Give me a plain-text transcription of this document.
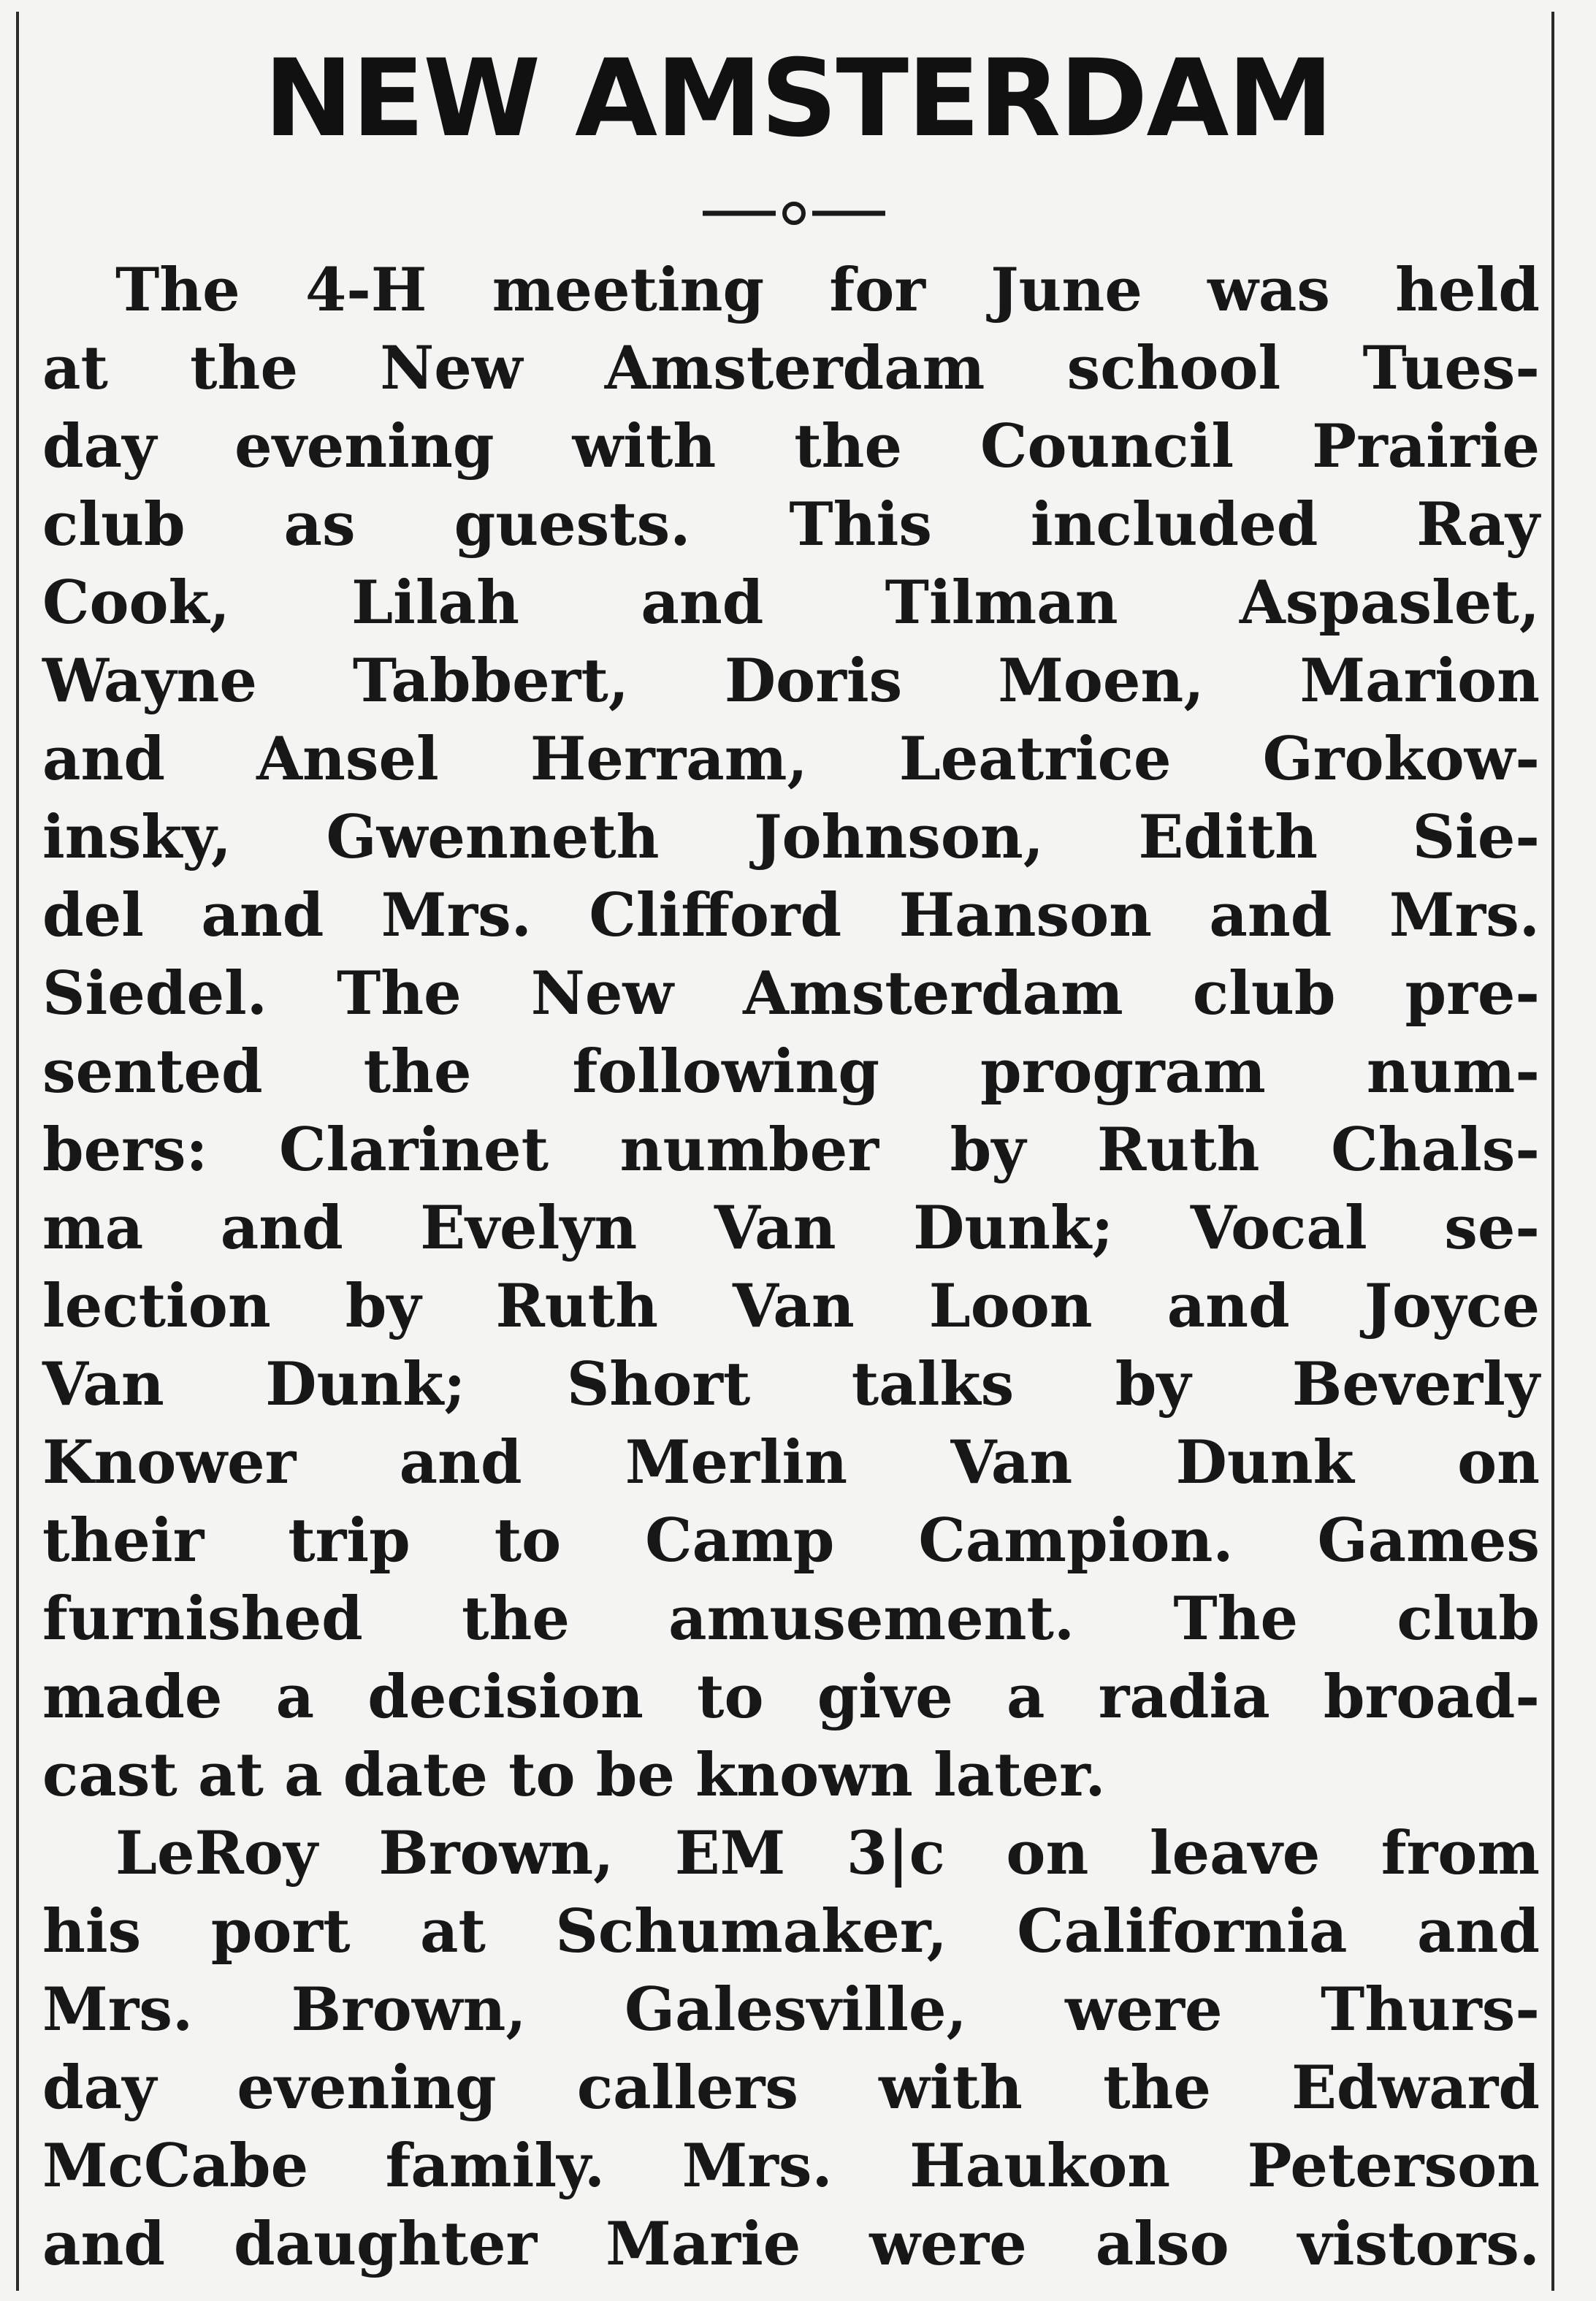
NEW AMSTERDAM
The 4-H meeting for June was held
at the New Amsterdam school Tues-
day evening with the Council Prairie
club as guests. This included Ray
Cook, Lilah and Tilman Aspaslet,
Wayne Tabbert, Doris Moen, Marion
and Ansel Herram, Leatrice Grokow-
insky, Gwenneth Johnson, Edith Sie-
del and Mrs. Clifford Hanson and Mrs.
Siedel. The New Amsterdam club pre-
sented the following program num-
bers: Clarinet number by Ruth Chals-
ma and Evelyn Van Dunk; Vocal se-
lection by Ruth Van Loon and Joyce
Van Dunk; Short talks by Beverly
Knower and Merlin Van Dunk on
their trip to Camp Campion. Games
furnished the amusement. The club
made a decision to give a radia broad-
cast at a date to be known later.
LeRoy Brown, EM 3|c on leave from
his port at Schumaker, California and
Mrs. Brown, Galesville, were Thurs-
day evening callers with the Edward
McCabe family. Mrs. Haukon Peterson
and daughter Marie were also vistors.
